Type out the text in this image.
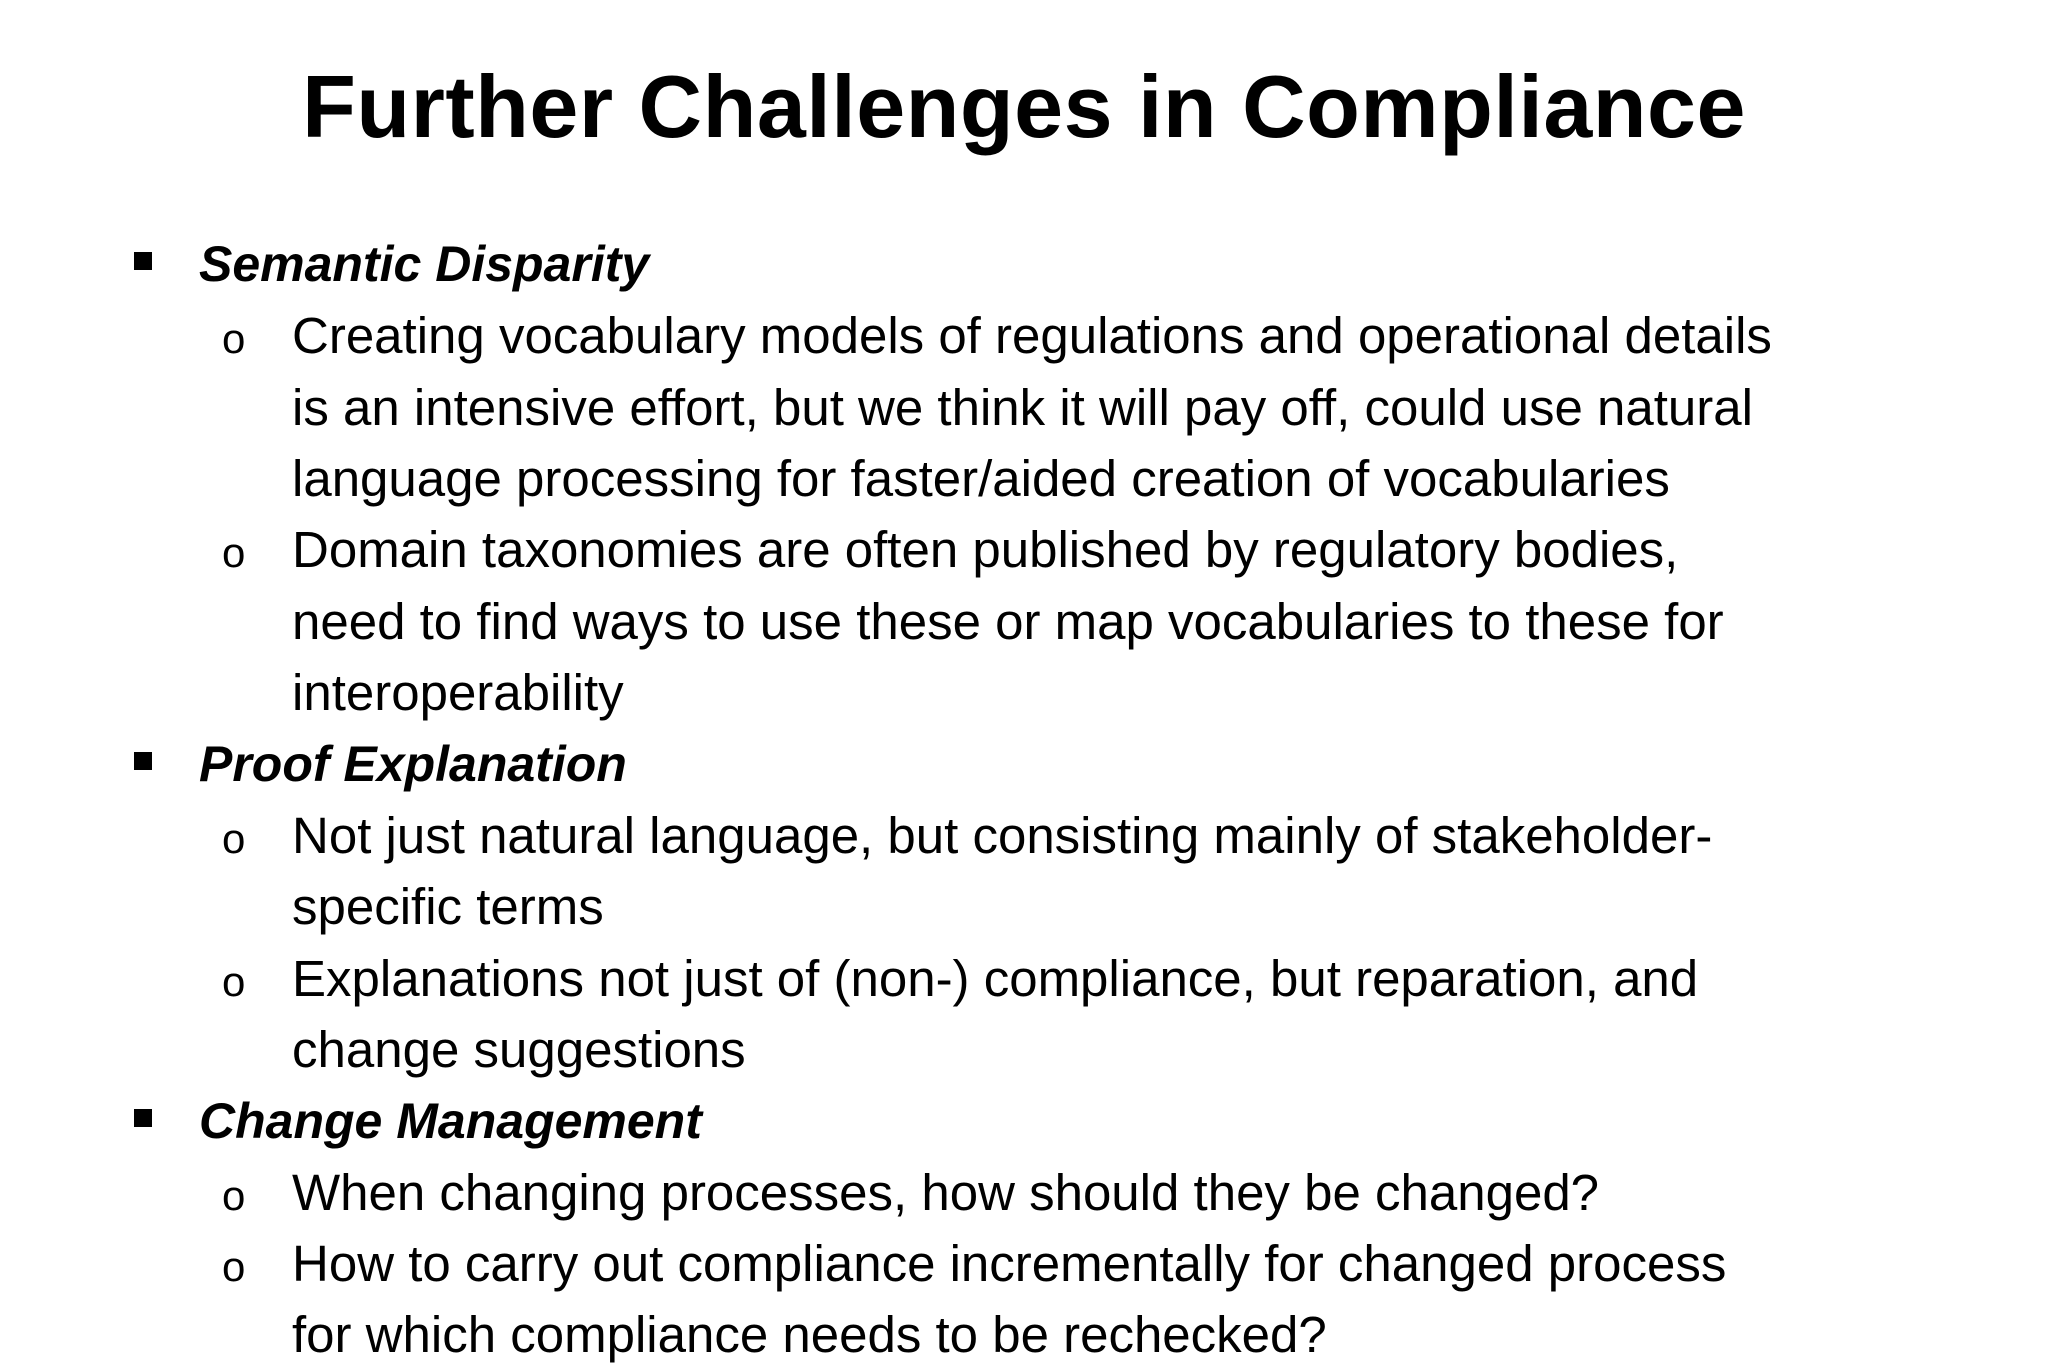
Further Challenges in Compliance
Semantic Disparity
o Creating vocabulary models of regulations and operational details
is an intensive effort, but we think it will pay off, could use natural
language processing for faster/aided creation of vocabularies
o Domain taxonomies are often published by regulatory bodies,
need to find ways to use these or map vocabularies to these for
interoperability
Proof Explanation
o Not just natural language, but consisting mainly of stakeholder-
specific terms
o Explanations not just of (non-) compliance, but reparation, and
change suggestions
Change Management
o When changing processes, how should they be changed?
o How to carry out compliance incrementally for changed process
for which compliance needs to be rechecked?
